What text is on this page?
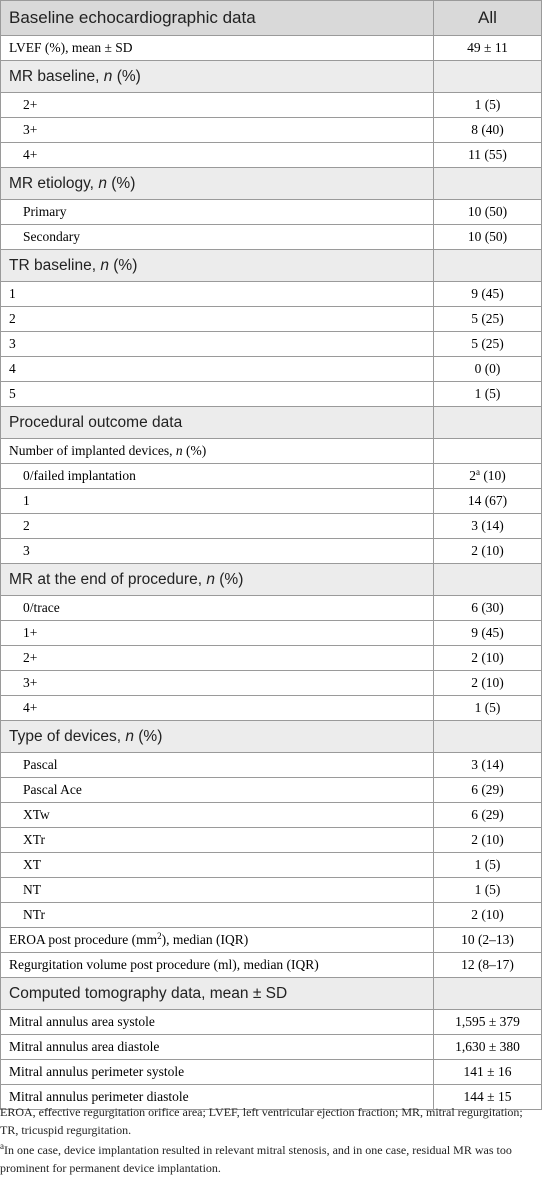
Baseline echocardiographic data	All
LVEF (%), mean ± SD	49 ± 11
MR baseline, n (%)	
2+	1 (5)
3+	8 (40)
4+	11 (55)
MR etiology, n (%)	
Primary	10 (50)
Secondary	10 (50)
TR baseline, n (%)	
1	9 (45)
2	5 (25)
3	5 (25)
4	0 (0)
5	1 (5)
Procedural outcome data	
Number of implanted devices, n (%)	
0/failed implantation	2$^a$ (10)
1	14 (67)
2	3 (14)
3	2 (10)
MR at the end of procedure, n (%)	
0/trace	6 (30)
1+	9 (45)
2+	2 (10)
3+	2 (10)
4+	1 (5)
Type of devices, n (%)	
Pascal	3 (14)
Pascal Ace	6 (29)
XTw	6 (29)
XTr	2 (10)
XT	1 (5)
NT	1 (5)
NTr	2 (10)
EROA post procedure $(mm^2)$, median (IQR)	10 (2–13)
Regurgitation volume post procedure (ml), median (IQR)	12 (8–17)
Computed tomography data, mean ± SD	
Mitral annulus area systole	1,595 ± 379
Mitral annulus area diastole	1,630 ± 380
Mitral annulus perimeter systole	141 ± 16
Mitral annulus perimeter diastole	144 ± 15

EROA, effective regurgitation orifice area; LVEF, left ventricular ejection fraction; MR, mitral regurgitation; TR, tricuspid regurgitation.

$^a$In one case, device implantation resulted in relevant mitral stenosis, and in one case, residual MR was too prominent for permanent device implantation.
